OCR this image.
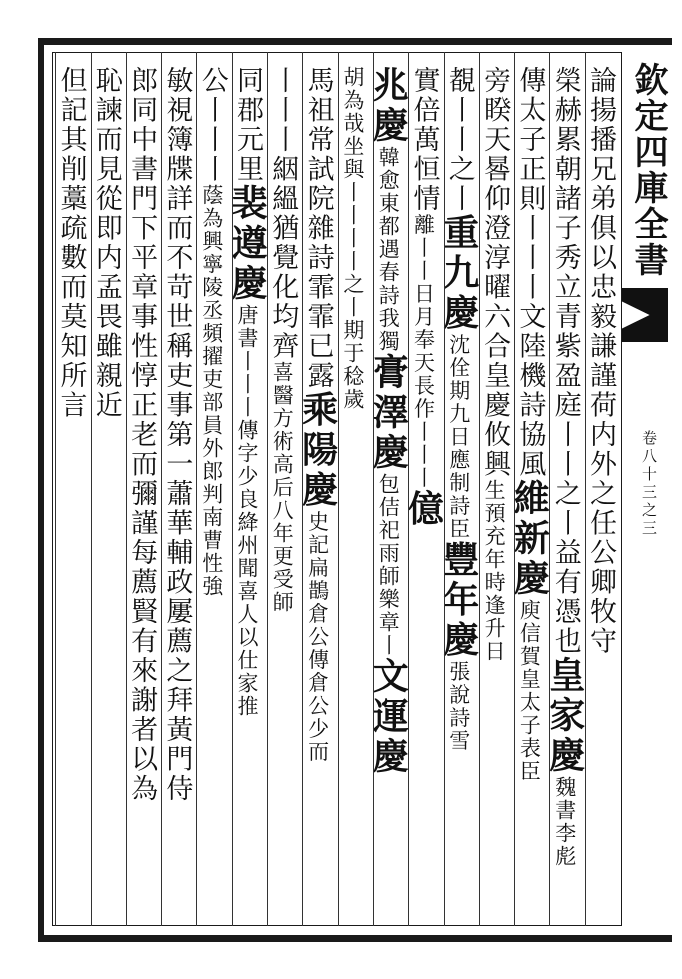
欽定四庫全書
卷八十三之三
論揚播兄弟俱以忠毅謙謹荷内外之任公卿牧守
榮赫累朝諸子秀立青紫盈庭丨丨之丨益有憑也皇家慶魏書李彪
傳太子正則丨丨丨文陸機詩協風維新慶庾信賀皇太子表臣
旁睽天晷仰澄淳曜六合皇慶攸興生預充年時逢升日
覩丨丨之丨重九慶沈佺期九日應制詩臣豐年慶張說詩雪
實倍萬恒情離丨丨日月奉天長作丨丨丨億
兆慶韓愈東都遇春詩我獨膏澤慶包佶祀雨師樂章丨文運慶
胡為哉坐與丨丨丨丨之丨期于稔歲
馬祖常試院雜詩霏霏已露乘陽慶史記扁鵲倉公傳倉公少而
丨丨丨絪縕猶覺化均齊喜醫方術高后八年更受師
同郡元里裴遵慶唐書丨丨丨傳字少良絳州聞喜人以仕家推
公丨丨丨蔭為興寧陵丞頻擢吏部員外郎判南曹性強
敏視簿牒詳而不苛世稱吏事第一蕭華輔政屢薦之拜黃門侍
郎同中書門下平章事性惇正老而彌謹每薦賢有來謝者以為
恥諫而見從即内孟畏雖親近
但記其削藁疏數而莫知所言
